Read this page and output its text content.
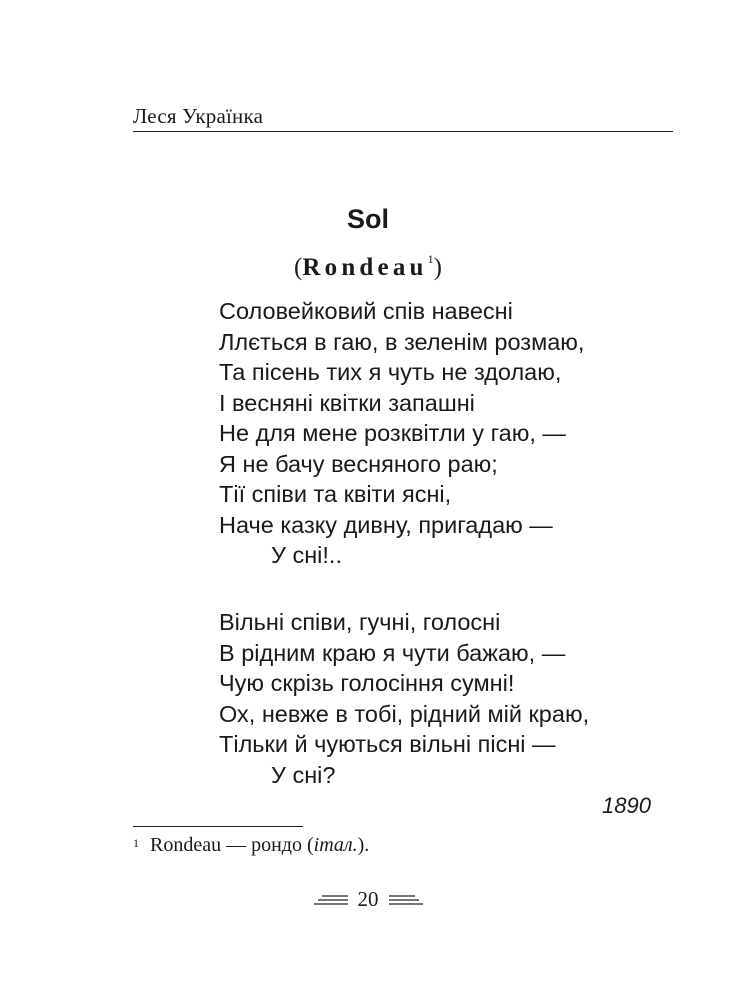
Леся Українка
Sol
(Rondeau$^1$)
Соловейковий спів навесні
Ллється в гаю, в зеленім розмаю,
Та пісень тих я чуть не здолаю,
І весняні квітки запашні
Не для мене розквітли у гаю, —
Я не бачу весняного раю;
Тії співи та квіти ясні,
Наче казку дивну, пригадаю —
У сні!..
Вільні співи, гучні, голосні
В рідним краю я чути бажаю, —
Чую скрізь голосіння сумні!
Ох, невже в тобі, рідний мій краю,
Тільки й чуються вільні пісні —
У сні?
1890
$^1$ Rondeau — рондо (італ.).
20
